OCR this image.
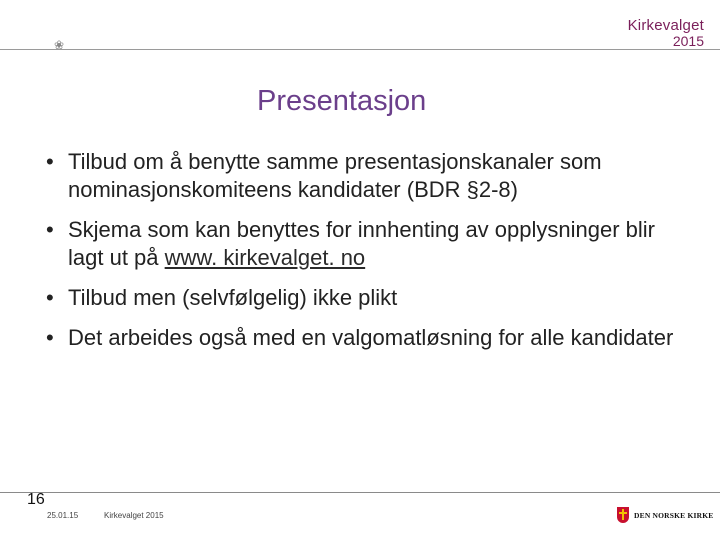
❀
Kirkevalget
2015
Presentasjon
• Tilbud om å benytte samme presentasjonskanaler som nominasjonskomiteens kandidater (BDR §2-8)
• Skjema som kan benyttes for innhenting av opplysninger blir lagt ut på www. kirkevalget. no
• Tilbud men (selvfølgelig) ikke plikt
• Det arbeides også med en valgomatløsning for alle kandidater
16
25.01.15	Kirkevalget 2015	DEN NORSKE KIRKE
